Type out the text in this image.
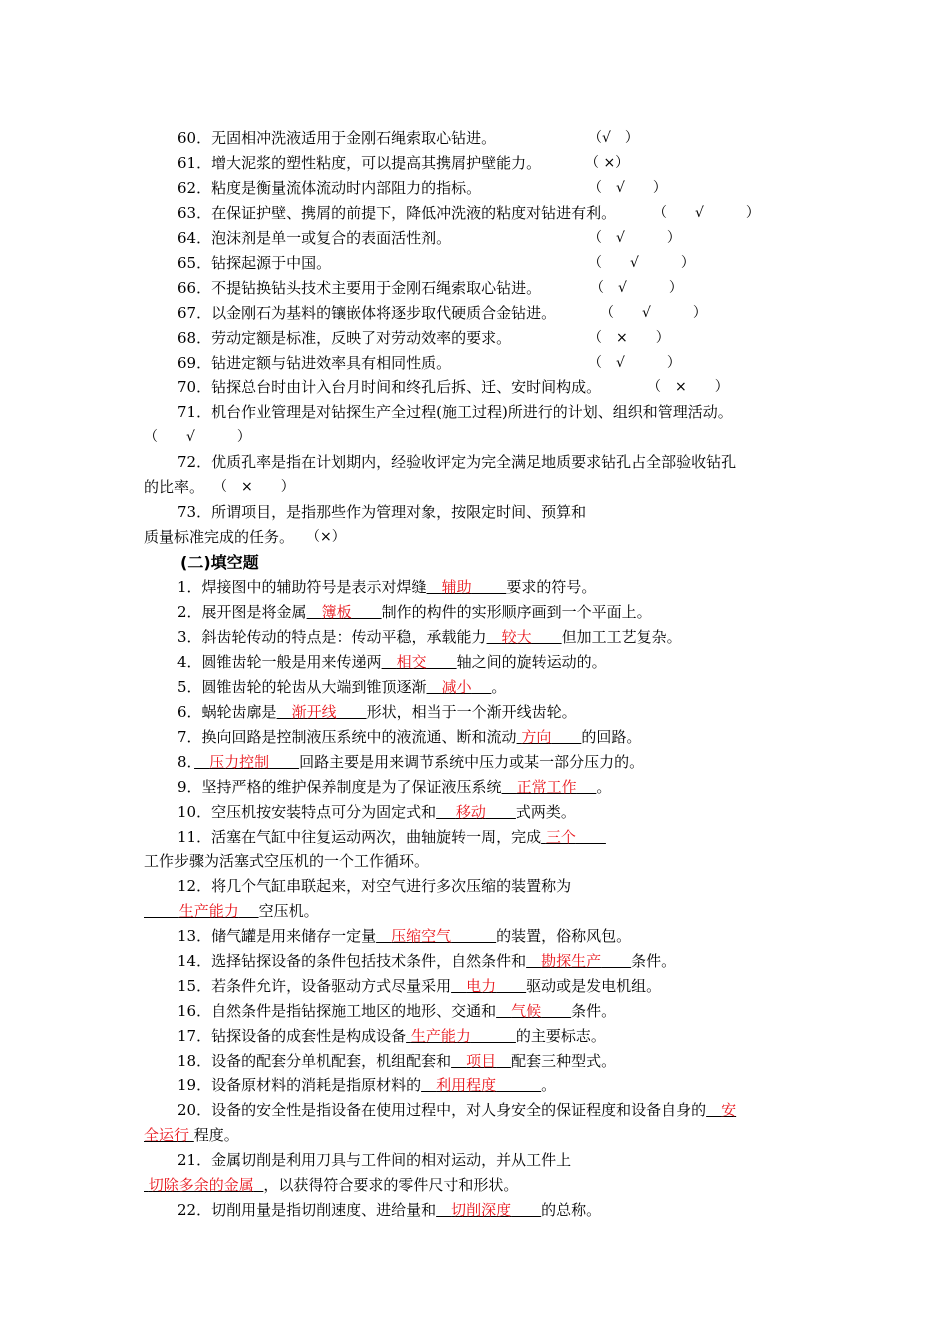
60．无固相冲洗液适用于金刚石绳索取心钻进。	（√　）
61．增大泥浆的塑性粘度，可以提高其携屑护壁能力。	（ ×）
62．粘度是衡量流体流动时内部阻力的指标。	（　√　　）
63．在保证护壁、携屑的前提下，降低冲洗液的粘度对钻进有利。	（　　√　　　）
64．泡沫剂是单一或复合的表面活性剂。	（　√　　　）
65．钻探起源于中国。	（　　√　　　）
66．不提钻换钻头技术主要用于金刚石绳索取心钻进。	（　√　　　）
67．以金刚石为基料的镶嵌体将逐步取代硬质合金钻进。	（　　√　　　）
68．劳动定额是标准，反映了对劳动效率的要求。	（　×　　）
69．钻进定额与钻进效率具有相同性质。	（　√　　　）
70．钻探总台时由计入台月时间和终孔后拆、迁、安时间构成。	（　×　　）
71．机台作业管理是对钻探生产全过程(施工过程)所进行的计划、组织和管理活动。
（　　√　　　）
72．优质孔率是指在计划期内，经验收评定为完全满足地质要求钻孔占全部验收钻孔
的比率。 （　×　　）
73．所谓项目，是指那些作为管理对象，按限定时间、预算和
质量标准完成的任务。 （×）
(二)填空题
1．焊接图中的辅助符号是表示对焊缝　 辅助　　 要求的符号。
2．展开图是将金属　 簿板　　 制作的构件的实形顺序画到一个平面上。
3．斜齿轮传动的特点是：传动平稳，承载能力　 较大　　 但加工工艺复杂。
4．圆锥齿轮一般是用来传递两　 相交　　 轴之间的旋转运动的。
5．圆锥齿轮的轮齿从大端到锥顶逐渐　 减小 　 。
6．蜗轮齿廓是　 渐开线　　 形状，相当于一个渐开线齿轮。
7．换向回路是控制液压系统中的液流通、断和流动 方向　　 的回路。
8．　 压力控制　　 回路主要是用来调节系统中压力或某一部分压力的。
9．坚持严格的维护保养制度是为了保证液压系统　 正常工作 　 。
10．空压机按安装特点可分为固定式和　 移动　　 式两类。
11．活塞在气缸中往复运动两次，曲轴旋转一周，完成 三个　　
工作步骤为活塞式空压机的一个工作循环。
12．将几个气缸串联起来，对空气进行多次压缩的装置称为
　　 生产能力　 空压机。
13．储气罐是用来储存一定量　 压缩空气　　　	的装置，俗称风包。
14．选择钻探设备的条件包括技术条件，自然条件和　 勘探生产　　 条件。
15．若条件允许，设备驱动方式尽量采用　 电力　　 驱动或是发电机组。
16．自然条件是指钻探施工地区的地形、交通和　 气候　　 条件。
17．钻探设备的成套性是构成设备 生产能力　　　	的主要标志。
18．设备的配套分单机配套，机组配套和　 项目　 配套三种型式。
19．设备原材料的消耗是指原材料的　 利用程度　　　	。
20．设备的安全性是指设备在使用过程中，对人身安全的保证程度和设备自身的　 安
全运行 程度。
21．金属切削是利用刀具与工件间的相对运动，并从工件上
切除多余的金属 ，以获得符合要求的零件尺寸和形状。
22．切削用量是指切削速度、进给量和　 切削深度　　 的总称。
